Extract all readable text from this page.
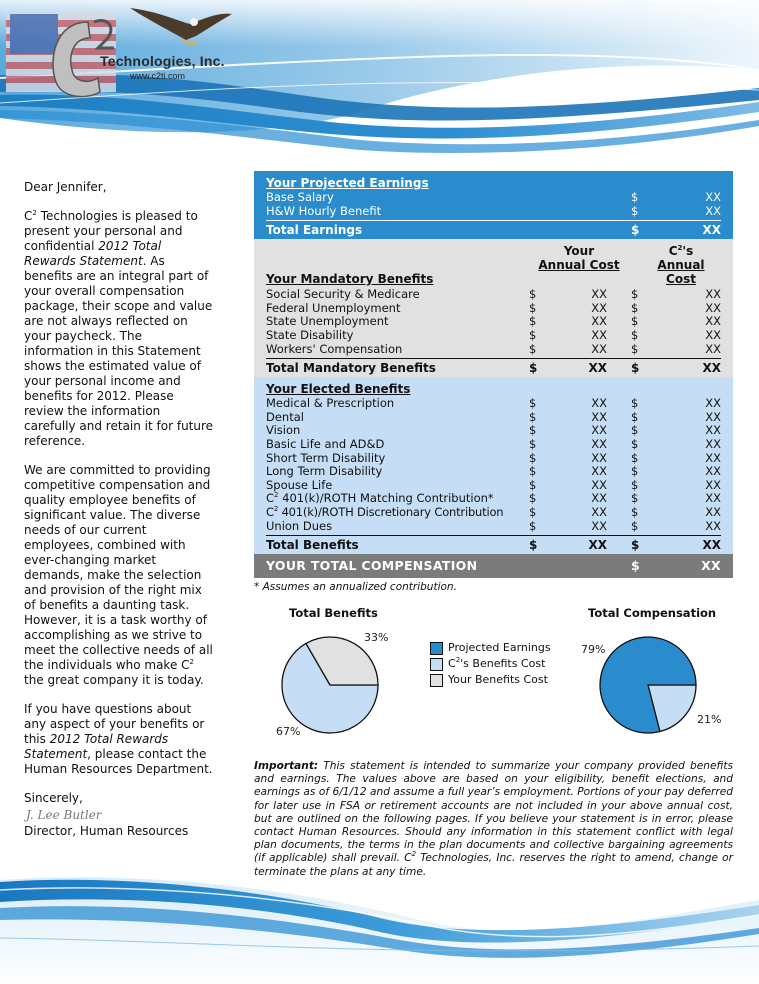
Technologies, Inc.
www.c2ti.com

Dear Jennifer,

$C^2$ Technologies is pleased to present your personal and confidential 2012 Total Rewards Statement. As benefits are an integral part of your overall compensation package, their scope and value are not always reflected on your paycheck. The information in this Statement shows the estimated value of your personal income and benefits for 2012. Please review the information carefully and retain it for future reference.

We are committed to providing competitive compensation and quality employee benefits of significant value. The diverse needs of our current employees, combined with ever-changing market demands, make the selection and provision of the right mix of benefits a daunting task. However, it is a task worthy of accomplishing as we strive to meet the collective needs of all the individuals who make $C^2$ the great company it is today.

If you have questions about any aspect of your benefits or this 2012 Total Rewards Statement, please contact the Human Resources Department.

Sincerely,

J. Lee Butler
Director, Human Resources
Your Projected Earnings
Base Salary	$	XX
H&W Hourly Benefit	$	XX
Total Earnings	$	XX
Your Mandatory Benefits
Your
Annual Cost
$C^2's$
Annual Cost
Social Security & Medicare	$	XX	$	XX
Federal Unemployment	$	XX	$	XX
State Unemployment	$	XX	$	XX
State Disability	$	XX	$	XX
Workers' Compensation	$	XX	$	XX
Total Mandatory Benefits	$	XX	$	XX
Your Elected Benefits
Medical & Prescription	$	XX	$	XX
Dental	$	XX	$	XX
Vision	$	XX	$	XX
Basic Life and AD&D	$	XX	$	XX
Short Term Disability	$	XX	$	XX
Long Term Disability	$	XX	$	XX
Spouse Life	$	XX	$	XX
$C^2$ 401(k)/ROTH Matching Contribution*	$	XX	$	XX
$C^2$ 401(k)/ROTH Discretionary Contribution	$	XX	$	XX
Union Dues	$	XX	$	XX
Total Benefits	$	XX	$	XX
YOUR TOTAL COMPENSATION	$	XX
* Assumes an annualized contribution.
Total Benefits	Total Compensation
33%
67%
79%
21%
Projected Earnings
$C^2's$ Benefits Cost
Your Benefits Cost
Important: This statement is intended to summarize your company provided benefits and earnings. The values above are based on your eligibility, benefit elections, and earnings as of 6/1/12 and assume a full year’s employment. Portions of your pay deferred for later use in FSA or retirement accounts are not included in your above annual cost, but are outlined on the following pages. If you believe your statement is in error, please contact Human Resources. Should any information in this statement conflict with legal plan documents, the terms in the plan documents and collective bargaining agreements (if applicable) shall prevail. $C^2$ Technologies, Inc. reserves the right to amend, change or terminate the plans at any time.
